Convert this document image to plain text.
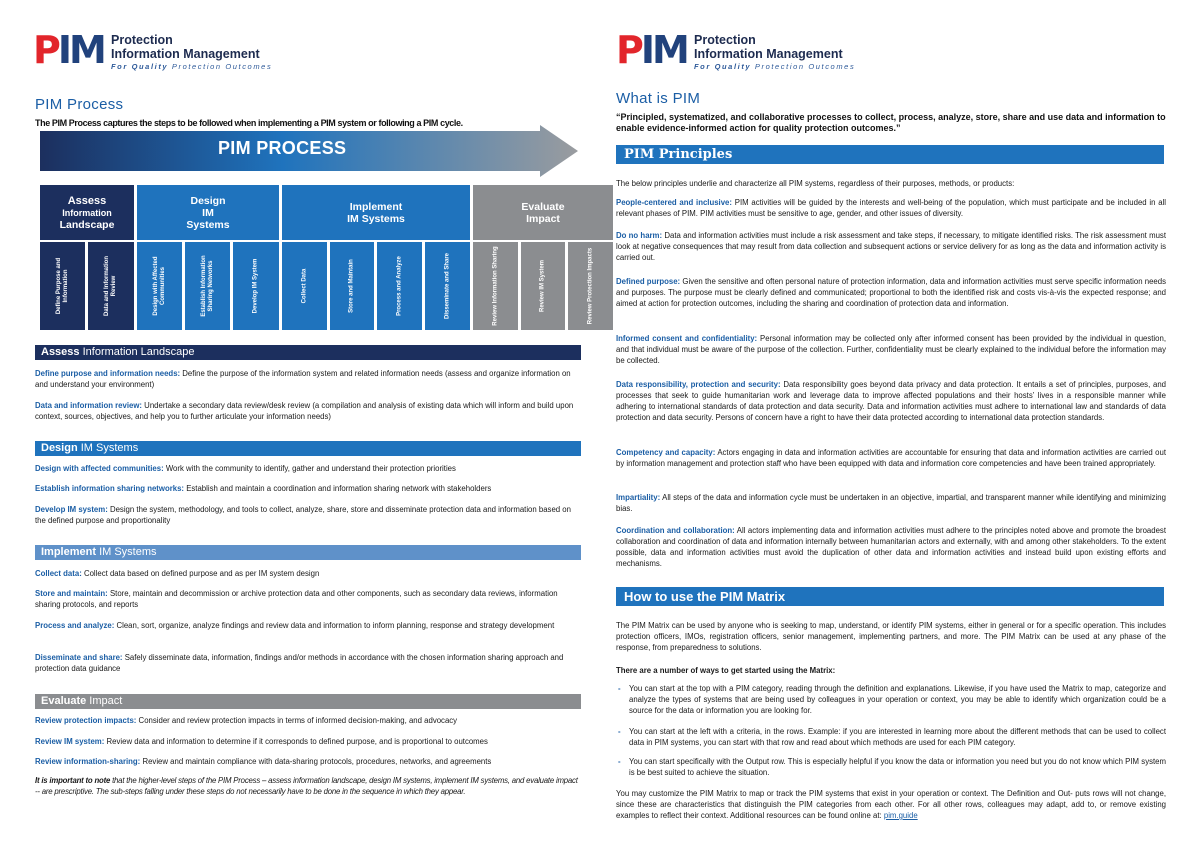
PIM Protection
Information Management
For Quality Protection Outcomes	PIM Protection
Information Management
For Quality Protection Outcomes
PIM Process
The PIM Process captures the steps to be followed when implementing a PIM system or following a PIM cycle.
PIM PROCESS
Assess
Information
Landscape
Design
IM
Systems
Implement
IM Systems
Evaluate
Impact
Define Purpose and Information	Data and Information Review	Design with Affected Communities	Establish Information Sharing Networks	Develop IM System	Collect Data	Store and Maintain	Process and Analyze	Disseminate and Share	Review Information Sharing	Review IM System	Review Protection Impacts
Assess Information Landscape
Define purpose and information needs: Define the purpose of the information system and related information needs (assess and organize information on and understand your environment)
Data and information review: Undertake a secondary data review/desk review (a compilation and analysis of existing data which will inform and build upon context, sources, objectives, and help you to further articulate your information needs)
Design IM Systems
Design with affected communities: Work with the community to identify, gather and understand their protection priorities
Establish information sharing networks: Establish and maintain a coordination and information sharing network with stakeholders
Develop IM system: Design the system, methodology, and tools to collect, analyze, share, store and disseminate protection data and information based on the defined purpose and proportionality
Implement IM Systems
Collect data: Collect data based on defined purpose and as per IM system design
Store and maintain: Store, maintain and decommission or archive protection data and other components, such as secondary data reviews, information sharing protocols, and reports
Process and analyze: Clean, sort, organize, analyze findings and review data and information to inform planning, response and strategy development
Disseminate and share: Safely disseminate data, information, findings and/or methods in accordance with the chosen information sharing approach and protection data guidance
Evaluate Impact
Review protection impacts: Consider and review protection impacts in terms of informed decision-making, and advocacy
Review IM system: Review data and information to determine if it corresponds to defined purpose, and is proportional to outcomes
Review information-sharing: Review and maintain compliance with data-sharing protocols, procedures, networks, and agreements
It is important to note that the higher-level steps of the PIM Process – assess information landscape, design IM systems, implement IM systems, and evaluate impact -- are prescriptive. The sub-steps falling under these steps do not necessarily have to be done in the sequence in which they appear.
What is PIM
“Principled, systematized, and collaborative processes to collect, process, analyze, store, share and use data and information to enable evidence-informed action for quality protection outcomes.”
PIM Principles
The below principles underlie and characterize all PIM systems, regardless of their purposes, methods, or products:
People-centered and inclusive: PIM activities will be guided by the interests and well-being of the population, which must participate and be included in all relevant phases of PIM. PIM activities must be sensitive to age, gender, and other issues of diversity.
Do no harm: Data and information activities must include a risk assessment and take steps, if necessary, to mitigate identified risks. The risk assessment must look at negative consequences that may result from data collection and subsequent actions or service delivery for as long as the data and information activity is carried out.
Defined purpose: Given the sensitive and often personal nature of protection information, data and information activities must serve specific information needs and purposes. The purpose must be clearly defined and communicated; proportional to both the identified risk and costs vis-à-vis the expected response; and aimed at action for protection outcomes, including the sharing and coordination of protection data and information.
Informed consent and confidentiality: Personal information may be collected only after informed consent has been provided by the individual in question, and that individual must be aware of the purpose of the collection. Further, confidentiality must be clearly explained to the individual before the information may be collected.
Data responsibility, protection and security: Data responsibility goes beyond data privacy and data protection. It entails a set of principles, purposes, and processes that seek to guide humanitarian work and leverage data to improve affected populations and their hosts’ lives in a responsible manner while adhering to international standards of data protection and data security. Data and information activities must adhere to international law and standards of data protection and data security. Persons of concern have a right to have their data protected according to international data protection standards.
Competency and capacity: Actors engaging in data and information activities are accountable for ensuring that data and information activities are carried out by information management and protection staff who have been equipped with data and information core competencies and have been trained appropriately.
Impartiality: All steps of the data and information cycle must be undertaken in an objective, impartial, and transparent manner while identifying and minimizing bias.
Coordination and collaboration: All actors implementing data and information activities must adhere to the principles noted above and promote the broadest collaboration and coordination of data and information internally between humanitarian actors and externally, with and among other stakeholders. To the extent possible, data and information activities must avoid the duplication of other data and information activities and instead build upon existing efforts and mechanisms.
How to use the PIM Matrix
The PIM Matrix can be used by anyone who is seeking to map, understand, or identify PIM systems, either in general or for a specific operation. This includes protection officers, IMOs, registration officers, senior management, implementing partners, and more. The PIM Matrix can be used at any phase of the response, from preparedness to solutions.
There are a number of ways to get started using the Matrix:
- You can start at the top with a PIM category, reading through the definition and explanations. Likewise, if you have used the Matrix to map, categorize and analyze the types of systems that are being used by colleagues in your operation or context, you may be able to identify which organization could be a source for the data or information you are looking for.
- You can start at the left with a criteria, in the rows. Example: if you are interested in learning more about the different methods that can be used to collect data in PIM systems, you can start with that row and read about which methods are used for each PIM category.
- You can start specifically with the Output row. This is especially helpful if you know the data or information you need but you do not know which PIM system is be best suited to achieve the situation.
You may customize the PIM Matrix to map or track the PIM systems that exist in your operation or context. The Definition and Out- puts rows will not change, since these are characteristics that distinguish the PIM categories from each other. For all other rows, colleagues may adapt, add to, or remove existing examples to reflect their context. Additional resources can be found online at: pim.guide
